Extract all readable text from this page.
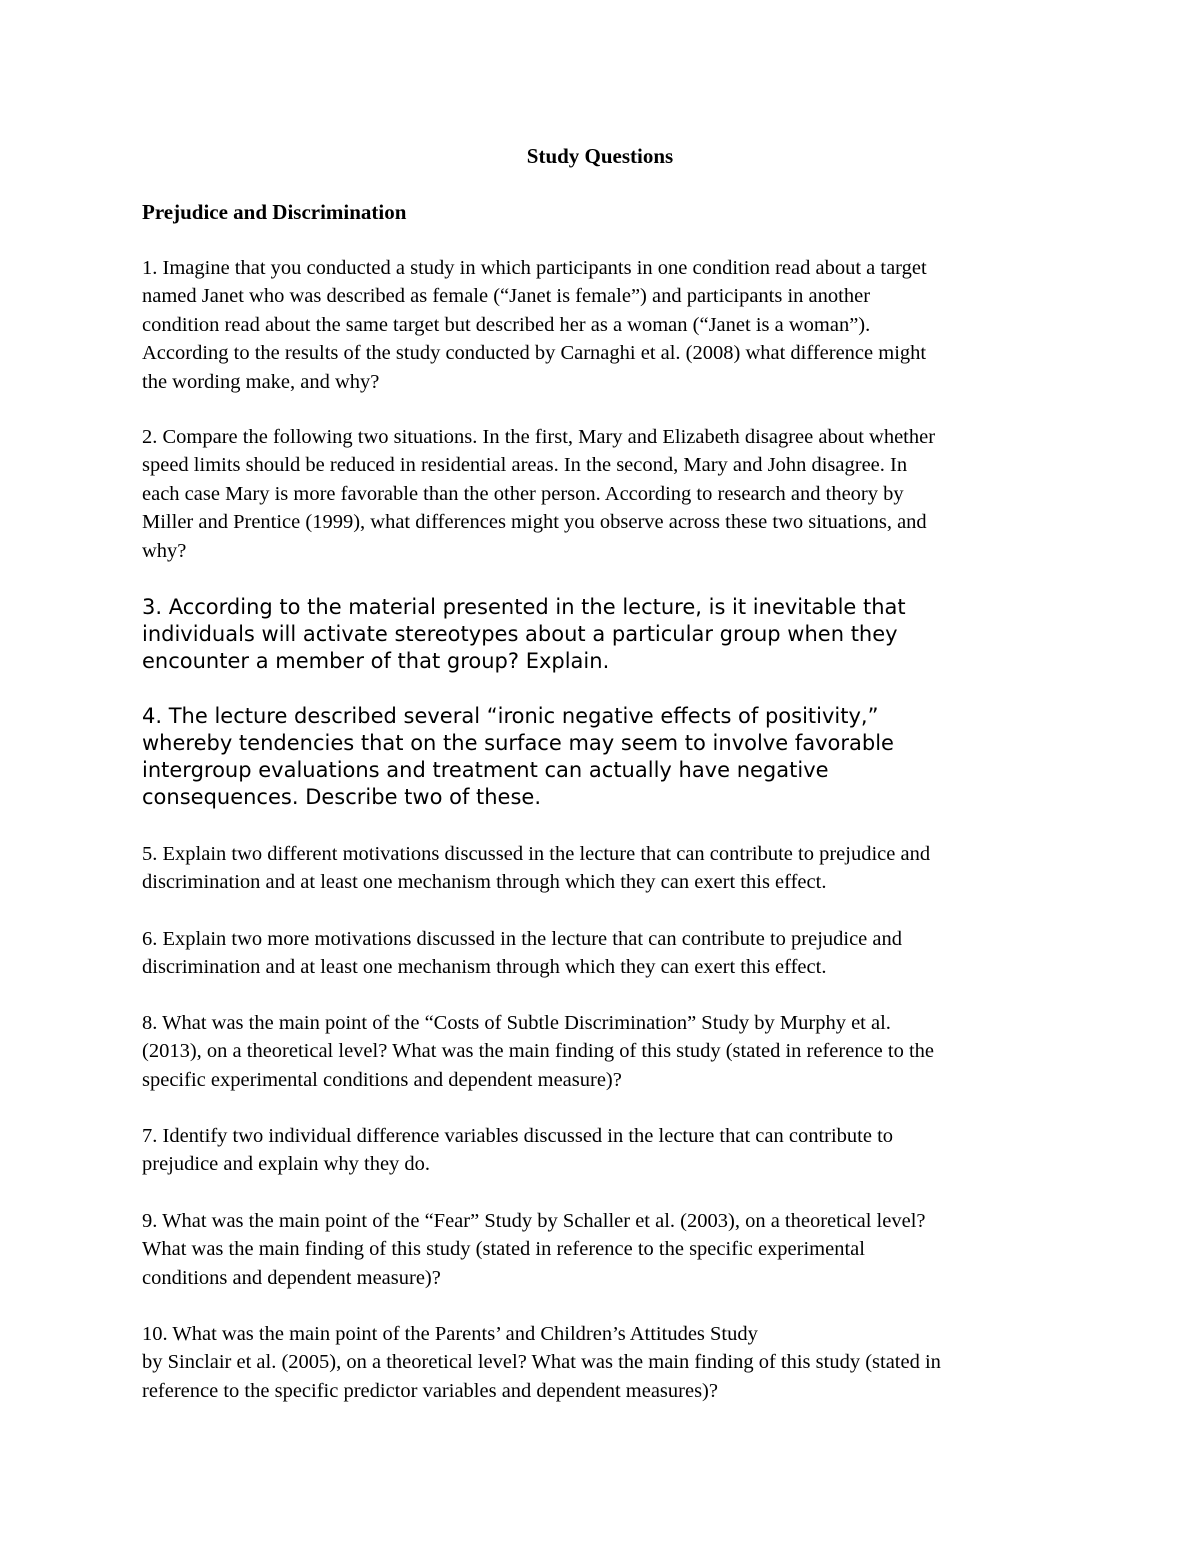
Study Questions
Prejudice and Discrimination

1. Imagine that you conducted a study in which participants in one condition read about a target
named Janet who was described as female (“Janet is female”) and participants in another
condition read about the same target but described her as a woman (“Janet is a woman”).
According to the results of the study conducted by Carnaghi et al. (2008) what difference might
the wording make, and why?

2. Compare the following two situations. In the first, Mary and Elizabeth disagree about whether
speed limits should be reduced in residential areas. In the second, Mary and John disagree. In
each case Mary is more favorable than the other person. According to research and theory by
Miller and Prentice (1999), what differences might you observe across these two situations, and
why?

3. According to the material presented in the lecture, is it inevitable that
individuals will activate stereotypes about a particular group when they
encounter a member of that group? Explain.

4. The lecture described several “ironic negative effects of positivity,”
whereby tendencies that on the surface may seem to involve favorable
intergroup evaluations and treatment can actually have negative
consequences. Describe two of these.

5. Explain two different motivations discussed in the lecture that can contribute to prejudice and
discrimination and at least one mechanism through which they can exert this effect.

6. Explain two more motivations discussed in the lecture that can contribute to prejudice and
discrimination and at least one mechanism through which they can exert this effect.

8. What was the main point of the “Costs of Subtle Discrimination” Study by Murphy et al.
(2013), on a theoretical level? What was the main finding of this study (stated in reference to the
specific experimental conditions and dependent measure)?

7. Identify two individual difference variables discussed in the lecture that can contribute to
prejudice and explain why they do.

9. What was the main point of the “Fear” Study by Schaller et al. (2003), on a theoretical level?
What was the main finding of this study (stated in reference to the specific experimental
conditions and dependent measure)?

10. What was the main point of the Parents’ and Children’s Attitudes Study
by Sinclair et al. (2005), on a theoretical level? What was the main finding of this study (stated in
reference to the specific predictor variables and dependent measures)?
